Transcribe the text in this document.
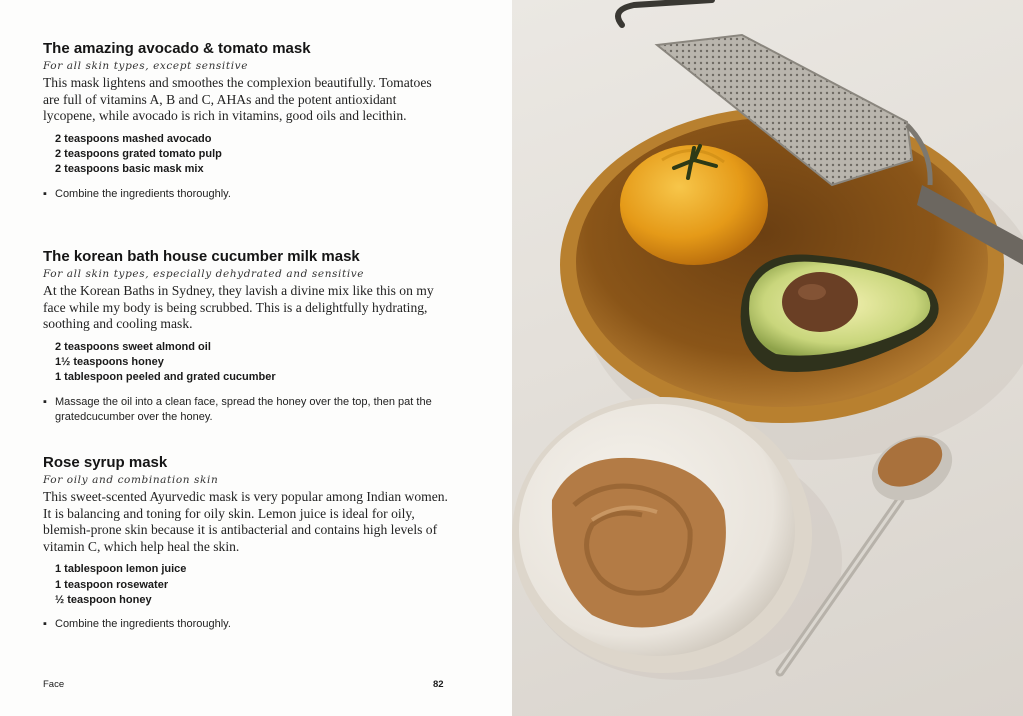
The amazing avocado & tomato mask

For all skin types, except sensitive

This mask lightens and smoothes the complexion beautifully. Tomatoes are full of vitamins A, B and C, AHAs and the potent antioxidant lycopene, while avocado is rich in vitamins, good oils and lecithin.

2 teaspoons mashed avocado
2 teaspoons grated tomato pulp
2 teaspoons basic mask mix

▪ Combine the ingredients thoroughly.

The korean bath house cucumber milk mask

For all skin types, especially dehydrated and sensitive

At the Korean Baths in Sydney, they lavish a divine mix like this on my face while my body is being scrubbed. This is a delightfully hydrating, soothing and cooling mask.

2 teaspoons sweet almond oil
1½ teaspoons honey
1 tablespoon peeled and grated cucumber

▪ Massage the oil into a clean face, spread the honey over the top, then pat the gratedcucumber over the honey.

Rose syrup mask

For oily and combination skin

This sweet-scented Ayurvedic mask is very popular among Indian women. It is balancing and toning for oily skin. Lemon juice is ideal for oily, blemish-prone skin because it is antibacterial and contains high levels of vitamin C, which help heal the skin.

1 tablespoon lemon juice
1 teaspoon rosewater
½ teaspoon honey

▪ Combine the ingredients thoroughly.

Face	82
